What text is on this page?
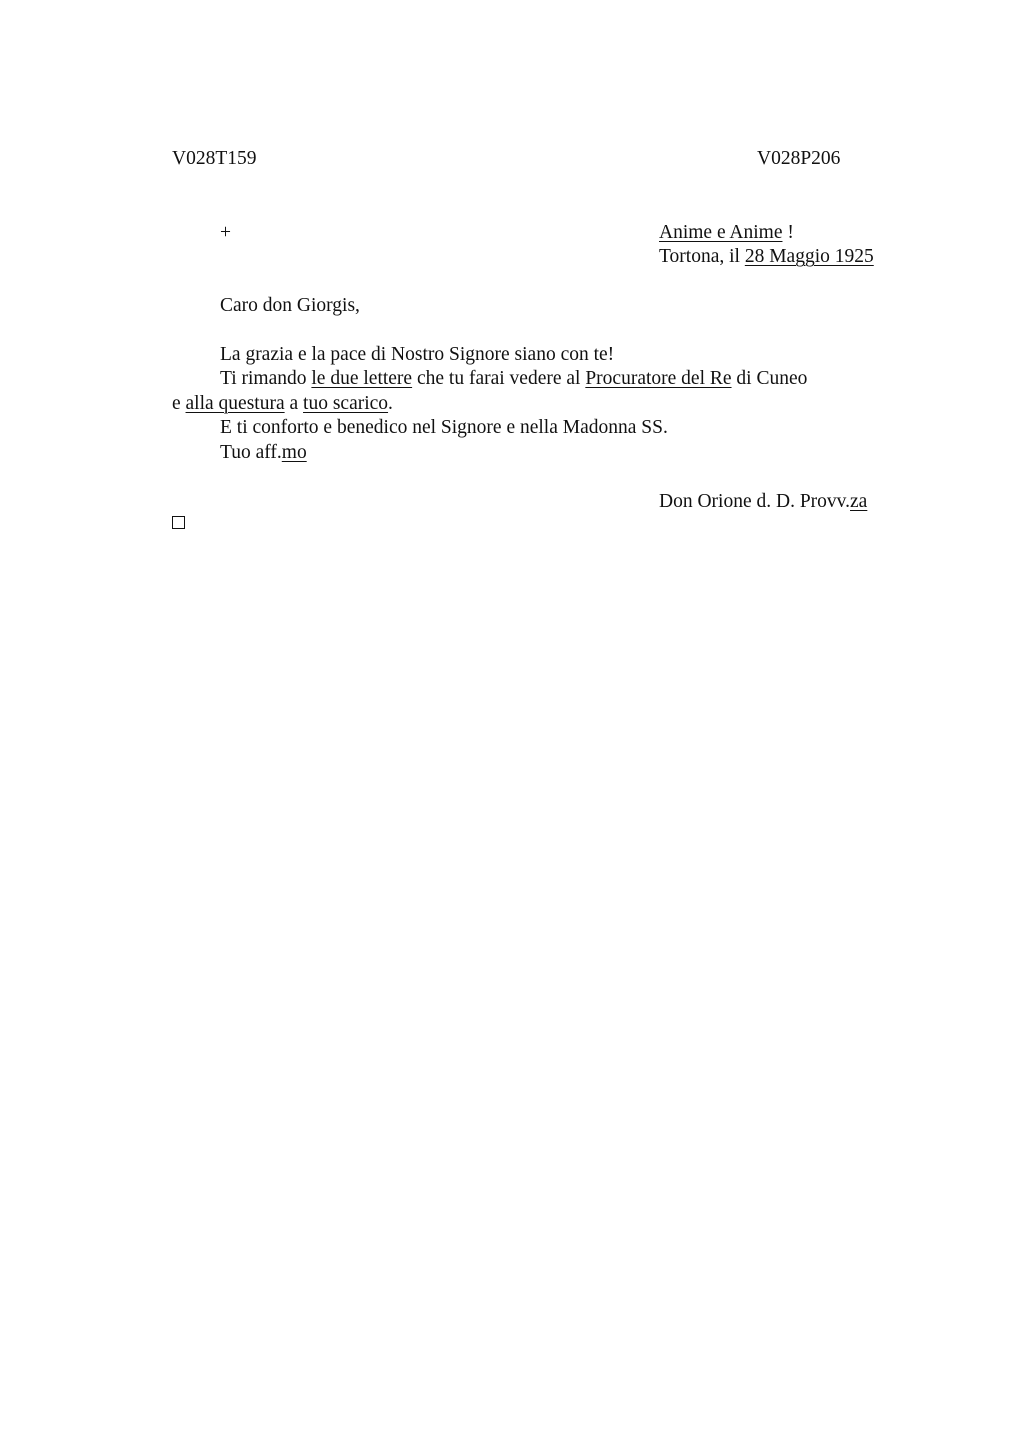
V028T159	V028P206
+	Anime e Anime !
Tortona, il 28 Maggio 1925
Caro don Giorgis,
La grazia e la pace di Nostro Signore siano con te!
Ti rimando le due lettere che tu farai vedere al Procuratore del Re di Cuneo
e alla questura a tuo scarico.
E ti conforto e benedico nel Signore e nella Madonna SS.
Tuo aff.mo
Don Orione d. D. Provv.za
